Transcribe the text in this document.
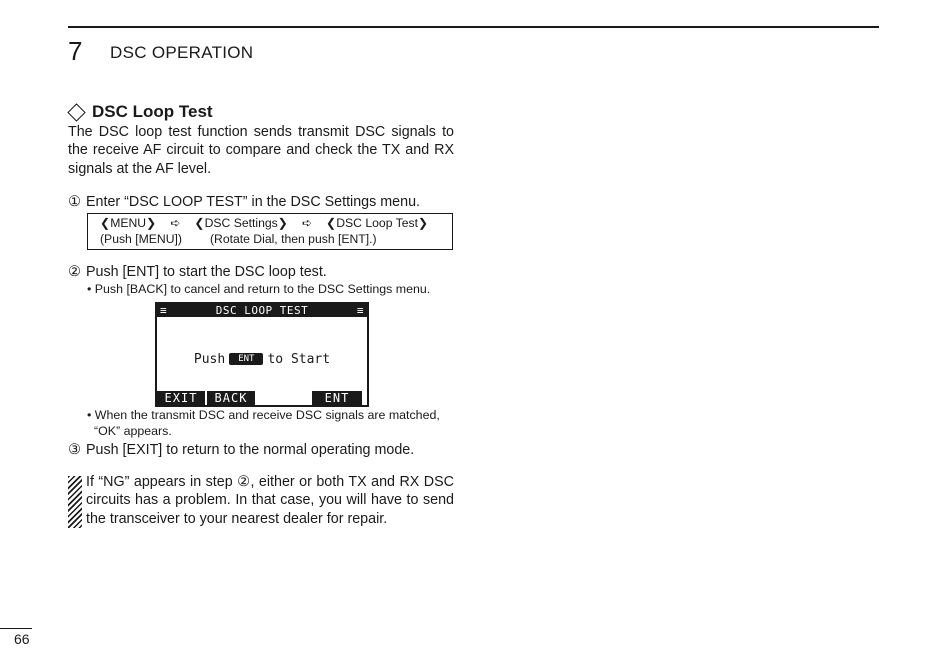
7 DSC OPERATION
DSC Loop Test
The DSC loop test function sends transmit DSC signals to the receive AF circuit to compare and check the TX and RX signals at the AF level.
① Enter “DSC LOOP TEST” in the DSC Settings menu.
❮MENU❯ ➪ ❮DSC Settings❯ ➪ ❮DSC Loop Test❯
(Push [MENU]) (Rotate Dial, then push [ENT].)
② Push [ENT] to start the DSC loop test.
• Push [BACK] to cancel and return to the DSC Settings menu.
≡	DSC LOOP TEST	≡
Push ENT to Start
EXIT	BACK	ENT
• When the transmit DSC and receive DSC signals are matched,
“OK” appears.
③ Push [EXIT] to return to the normal operating mode.
If “NG” appears in step ②, either or both TX and RX DSC circuits has a problem. In that case, you will have to send the transceiver to your nearest dealer for repair.
66
